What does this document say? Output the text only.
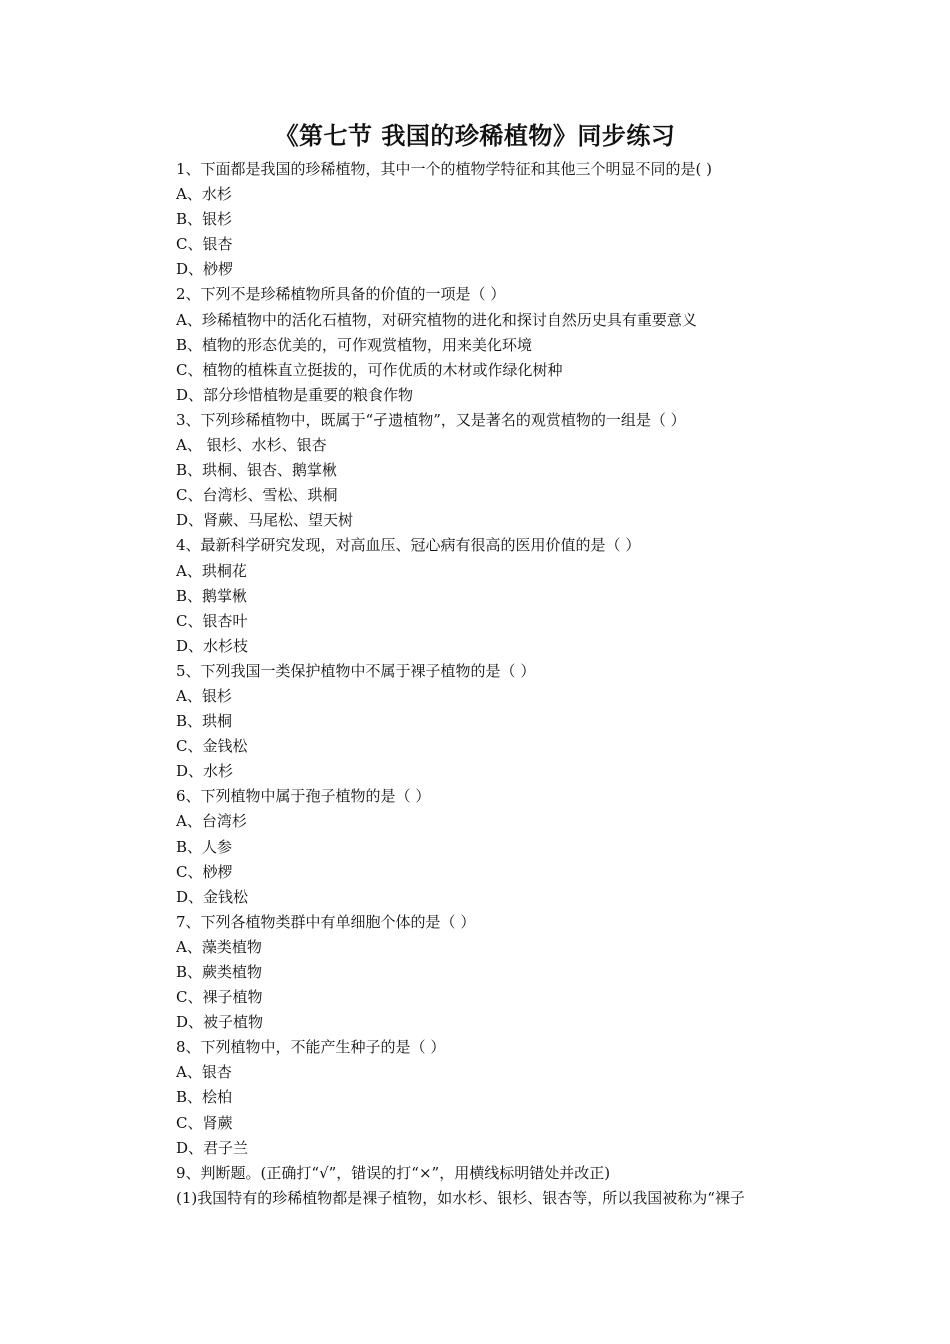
《第七节 我国的珍稀植物》同步练习
1、下面都是我国的珍稀植物，其中一个的植物学特征和其他三个明显不同的是( )
A、水杉
B、银杉
C、银杏
D、桫椤
2、下列不是珍稀植物所具备的价值的一项是（ ）
A、珍稀植物中的活化石植物，对研究植物的进化和探讨自然历史具有重要意义
B、植物的形态优美的，可作观赏植物，用来美化环境
C、植物的植株直立挺拔的，可作优质的木材或作绿化树种
D、部分珍惜植物是重要的粮食作物
3、下列珍稀植物中，既属于“孑遗植物”，又是著名的观赏植物的一组是（ ）
A、 银杉、水杉、银杏
B、珙桐、银杏、鹅掌楸
C、台湾杉、雪松、珙桐
D、肾蕨、马尾松、望天树
4、最新科学研究发现，对高血压、冠心病有很高的医用价值的是（ ）
A、珙桐花
B、鹅掌楸
C、银杏叶
D、水杉枝
5、下列我国一类保护植物中不属于裸子植物的是（ ）
A、银杉
B、珙桐
C、金钱松
D、水杉
6、下列植物中属于孢子植物的是（ ）
A、台湾杉
B、人参
C、桫椤
D、金钱松
7、下列各植物类群中有单细胞个体的是（ ）
A、藻类植物
B、蕨类植物
C、裸子植物
D、被子植物
8、下列植物中，不能产生种子的是（ ）
A、银杏
B、桧柏
C、肾蕨
D、君子兰
9、判断题。(正确打“√”，错误的打“×”，用横线标明错处并改正)
(1)我国特有的珍稀植物都是裸子植物，如水杉、银杉、银杏等，所以我国被称为“裸子
